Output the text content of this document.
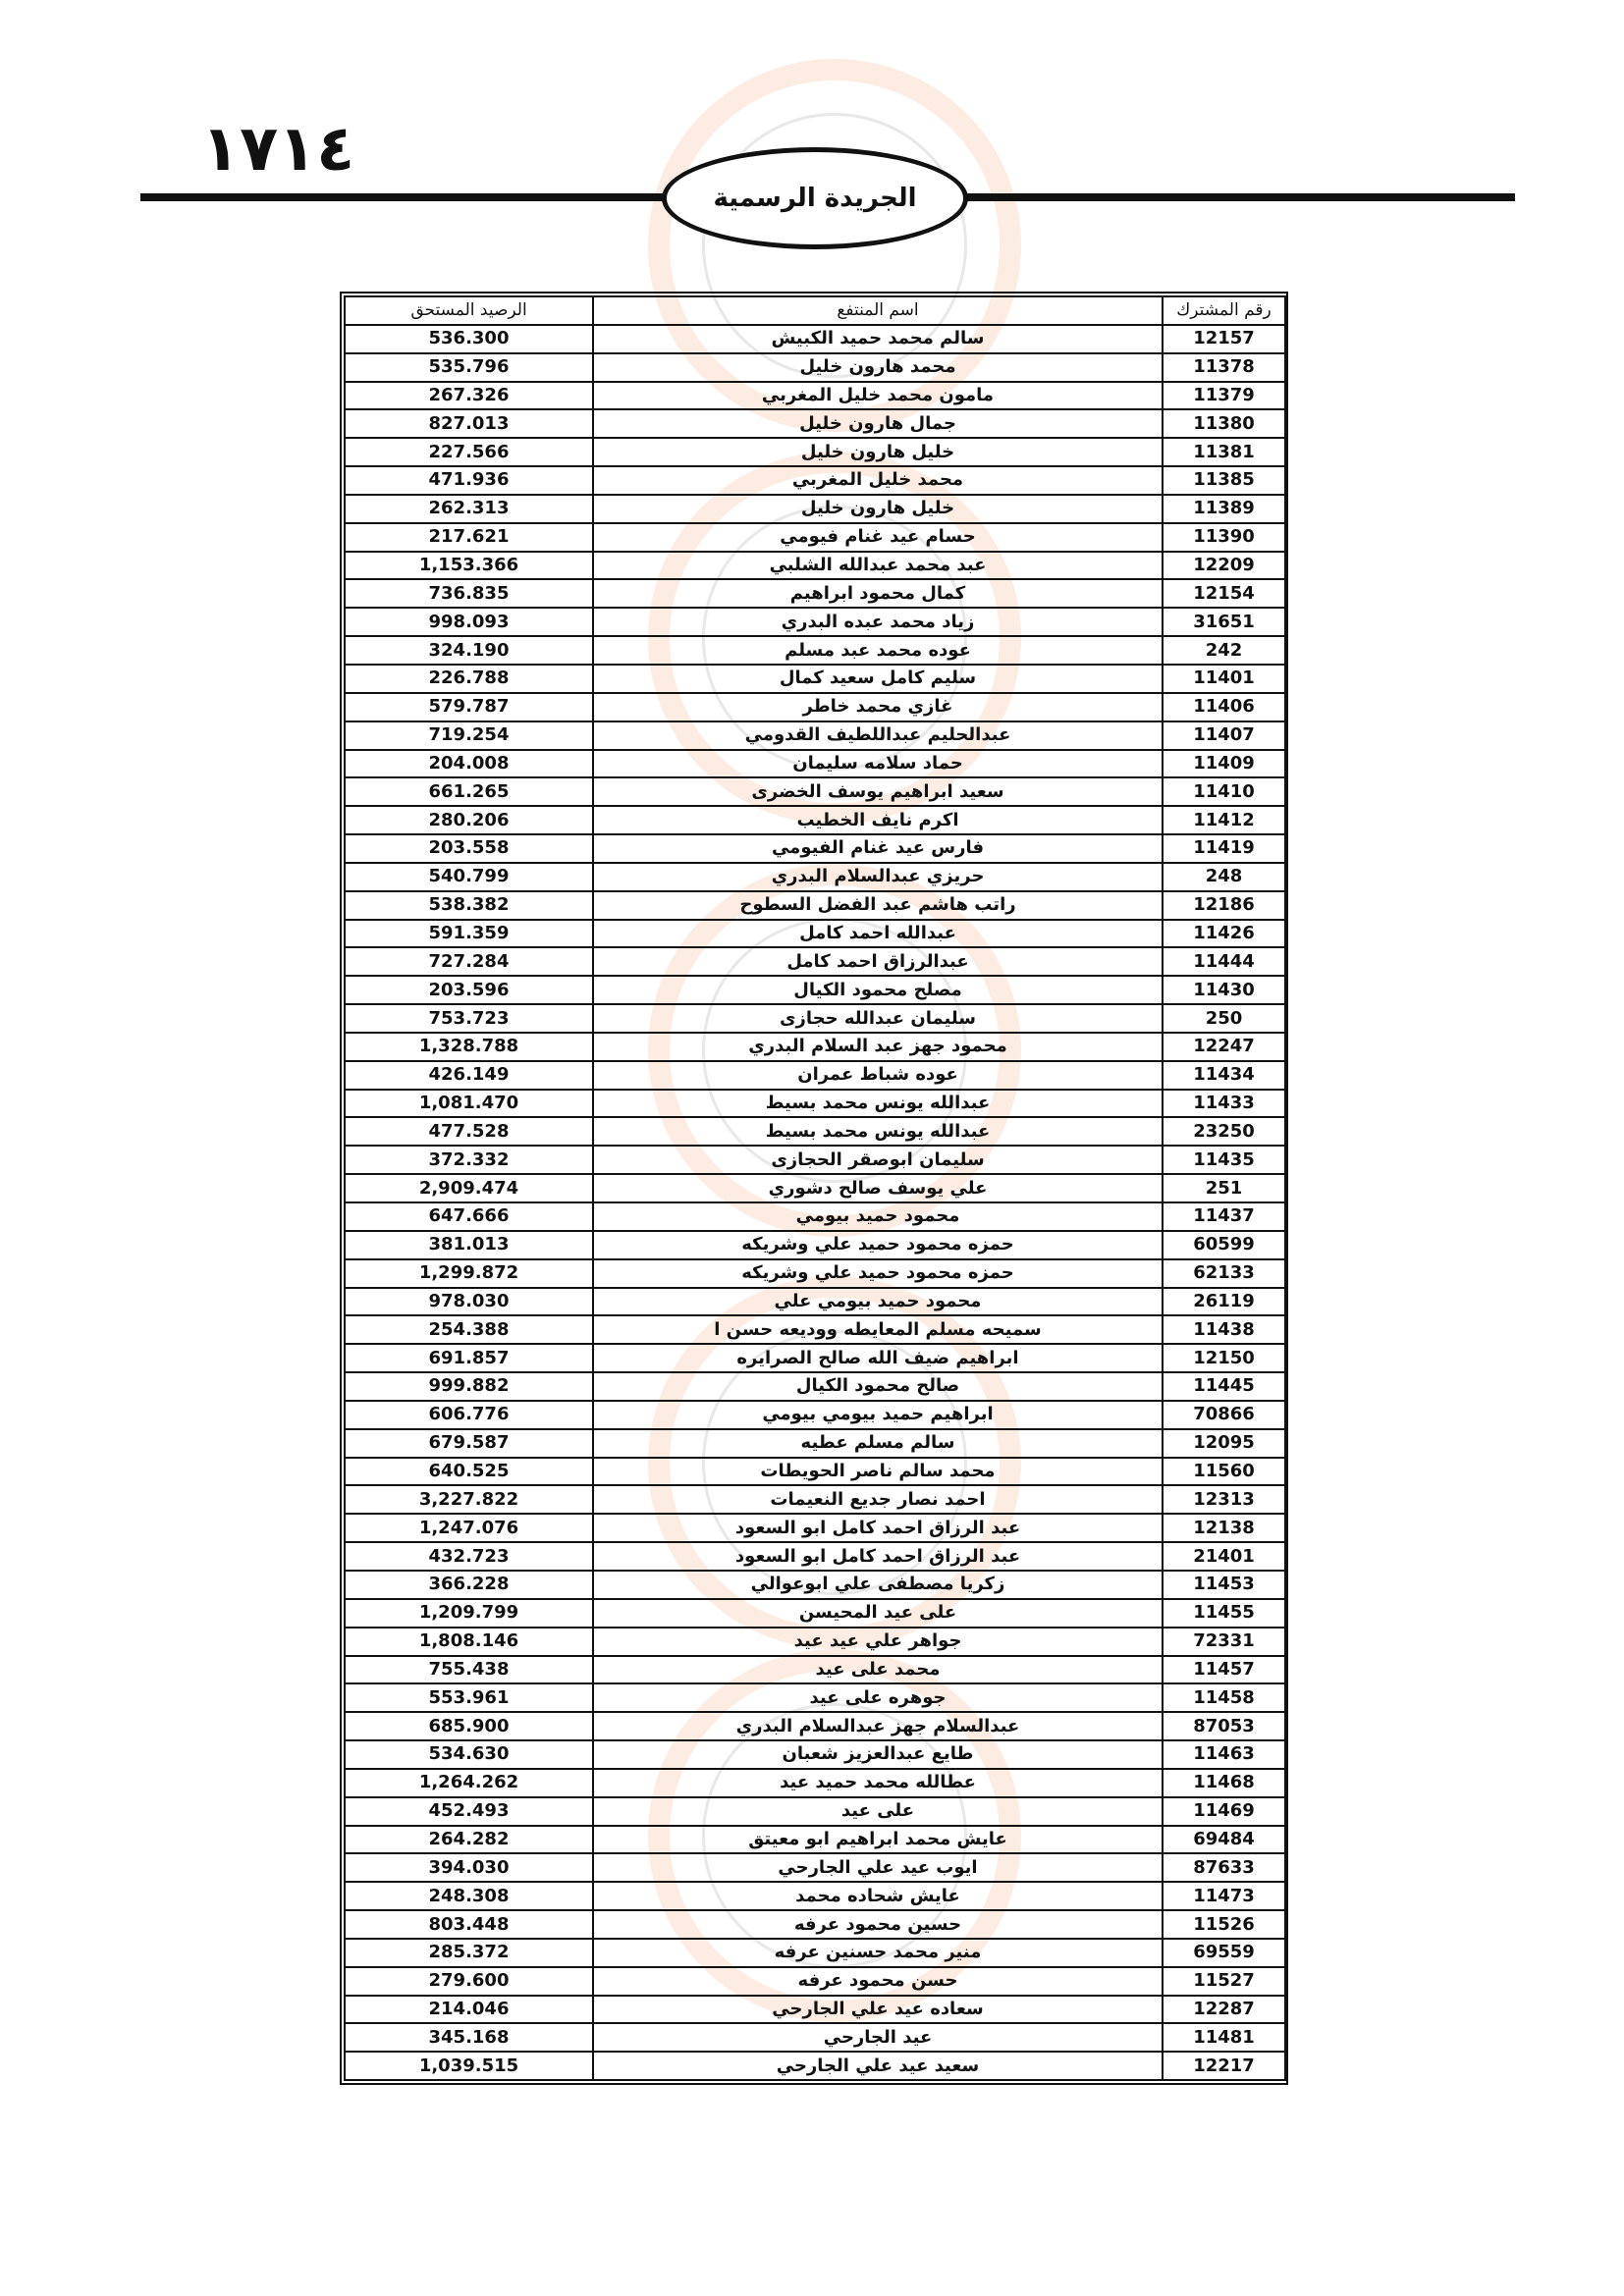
١٧١٤
الجريدة الرسمية
رقم المشترك	اسم المنتفع	الرصيد المستحق
12157	سالم محمد حميد الكبيش	536.300
11378	محمد هارون خليل	535.796
11379	مامون محمد خليل المغربي	267.326
11380	جمال هارون خليل	827.013
11381	خليل هارون خليل	227.566
11385	محمد خليل المغربي	471.936
11389	خليل هارون خليل	262.313
11390	حسام عيد غنام فيومي	217.621
12209	عبد محمد عبدالله الشلبي	1,153.366
12154	كمال محمود ابراهيم	736.835
31651	زياد محمد عبده البدري	998.093
242	عوده محمد عبد مسلم	324.190
11401	سليم كامل سعيد كمال	226.788
11406	غازي محمد خاطر	579.787
11407	عبدالحليم عبداللطيف القدومي	719.254
11409	حماد سلامه سليمان	204.008
11410	سعيد ابراهيم يوسف الخضرى	661.265
11412	اكرم نايف الخطيب	280.206
11419	فارس عيد غنام الفيومي	203.558
248	حريزي عبدالسلام البدري	540.799
12186	راتب هاشم عبد الفضل السطوح	538.382
11426	عبدالله احمد كامل	591.359
11444	عبدالرزاق احمد كامل	727.284
11430	مصلح محمود الكيال	203.596
250	سليمان عبدالله حجازى	753.723
12247	محمود جهز عبد السلام البدري	1,328.788
11434	عوده شباط عمران	426.149
11433	عبدالله يونس محمد بسيط	1,081.470
23250	عبدالله يونس محمد بسيط	477.528
11435	سليمان ابوصقر الحجازى	372.332
251	علي يوسف صالح دشوري	2,909.474
11437	محمود حميد بيومي	647.666
60599	حمزه محمود حميد علي وشريكه	381.013
62133	حمزه محمود حميد علي وشريكه	1,299.872
26119	محمود حميد بيومي علي	978.030
11438	سميحه مسلم المعايطه ووديعه حسن ا	254.388
12150	ابراهيم ضيف الله صالح الصرايره	691.857
11445	صالح محمود الكيال	999.882
70866	ابراهيم حميد بيومي بيومي	606.776
12095	سالم مسلم عطيه	679.587
11560	محمد سالم ناصر الحويطات	640.525
12313	احمد نصار جديع النعيمات	3,227.822
12138	عبد الرزاق احمد كامل ابو السعود	1,247.076
21401	عبد الرزاق احمد كامل ابو السعود	432.723
11453	زكريا مصطفى علي ابوعوالي	366.228
11455	على عيد المحيسن	1,209.799
72331	جواهر علي عيد عيد	1,808.146
11457	محمد على عيد	755.438
11458	جوهره على عيد	553.961
87053	عبدالسلام جهز عبدالسلام البدري	685.900
11463	طايع عبدالعزيز شعبان	534.630
11468	عطالله محمد حميد عيد	1,264.262
11469	على عيد	452.493
69484	عايش محمد ابراهيم ابو معيتق	264.282
87633	ايوب عيد علي الجارحي	394.030
11473	عايش شحاده محمد	248.308
11526	حسين محمود عرفه	803.448
69559	منير محمد حسنين عرفه	285.372
11527	حسن محمود عرفه	279.600
12287	سعاده عيد علي الجارحي	214.046
11481	عيد الجارحي	345.168
12217	سعيد عيد علي الجارحي	1,039.515
